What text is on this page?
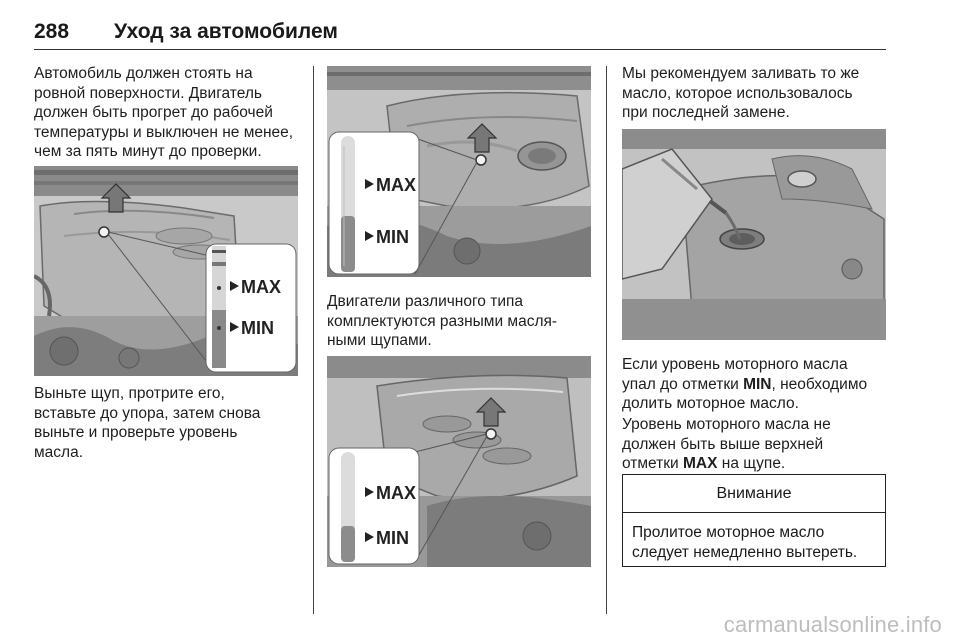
288 Уход за автомобилем
Автомобиль должен стоять на
ровной поверхности. Двигатель
должен быть прогрет до рабочей
температуры и выключен не менее,
чем за пять минут до проверки.
MAX
MIN
Выньте щуп, протрите его,
вставьте до упора, затем снова
выньте и проверьте уровень
масла.
MAX
MIN
Двигатели различного типа
комплектуются разными масля‑
ными щупами.
MAX
MIN
Мы рекомендуем заливать то же
масло, которое использовалось
при последней замене.
Если уровень моторного масла
упал до отметки MIN, необходимо
долить моторное масло.
Уровень моторного масла не
должен быть выше верхней
отметки MAX на щупе.
Внимание
Пролитое моторное масло
следует немедленно вытереть.
carmanualsonline.info
